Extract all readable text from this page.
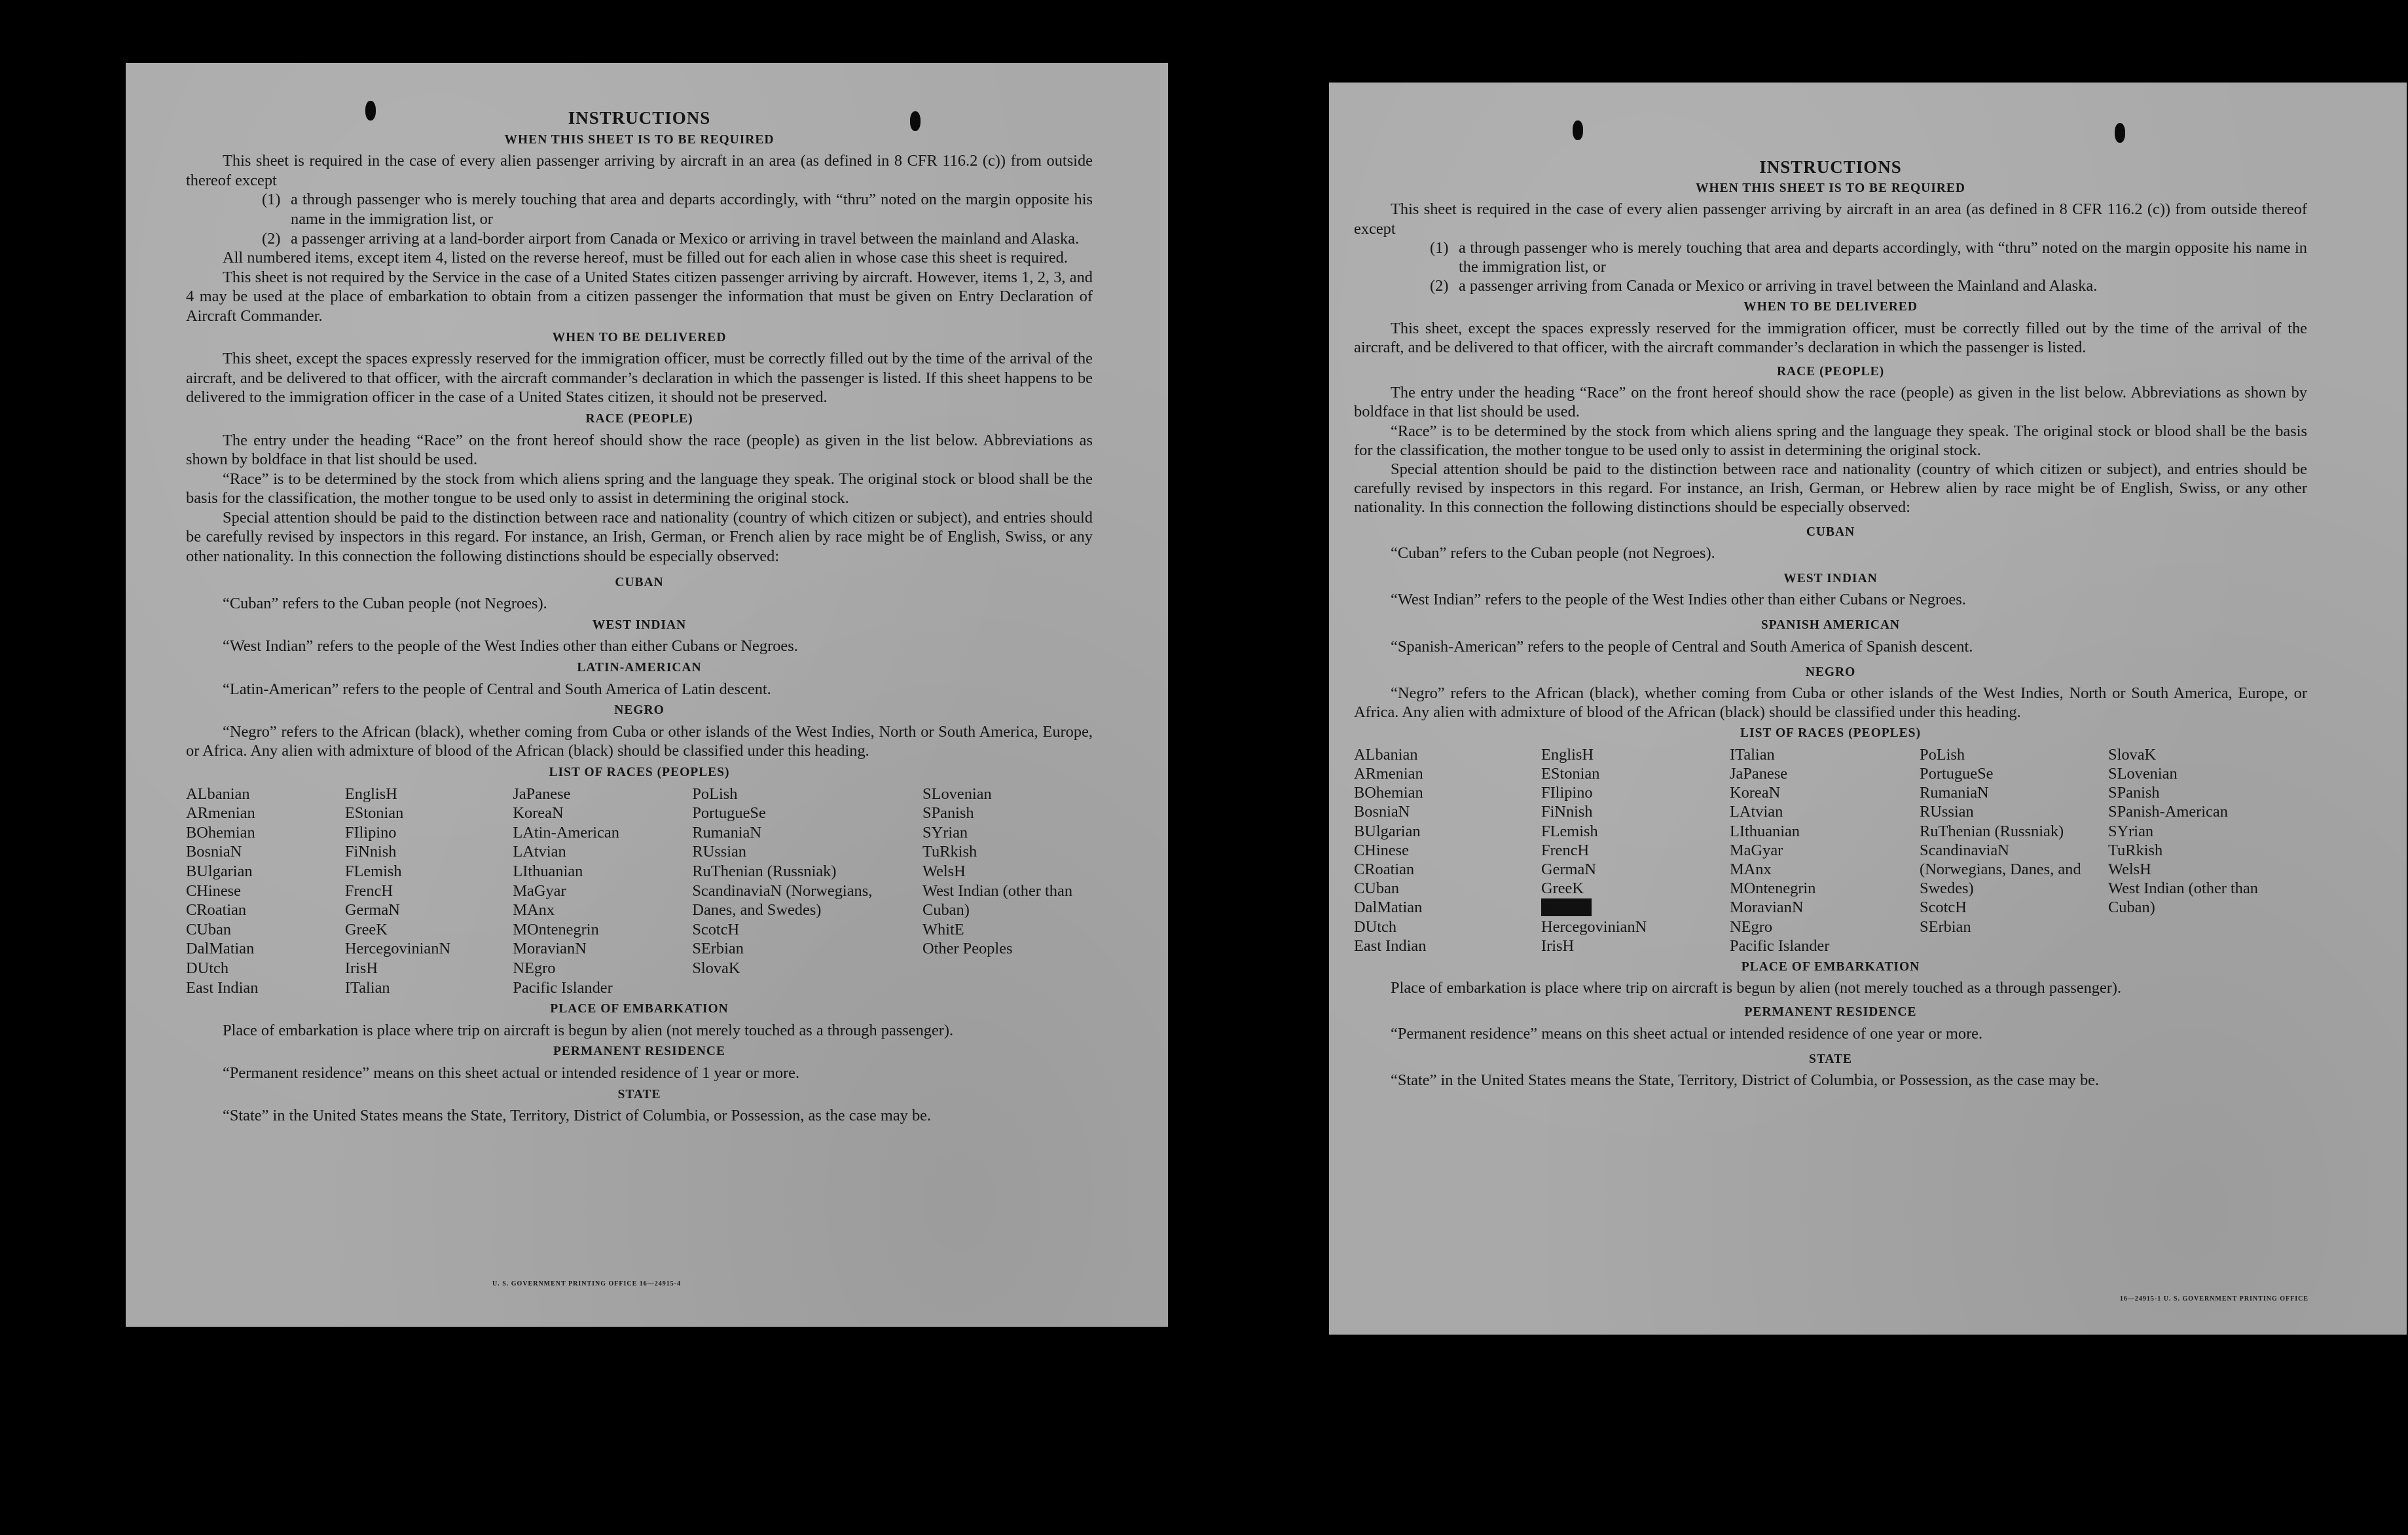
INSTRUCTIONS
WHEN THIS SHEET IS TO BE REQUIRED

This sheet is required in the case of every alien passenger arriving by aircraft in an area (as defined in 8 CFR 116.2 (c)) from outside thereof except

(1) a through passenger who is merely touching that area and departs accordingly, with “thru” noted on the margin opposite his name in the immigration list, or
(2) a passenger arriving at a land-border airport from Canada or Mexico or arriving in travel between the mainland and Alaska.

All numbered items, except item 4, listed on the reverse hereof, must be filled out for each alien in whose case this sheet is required.

This sheet is not required by the Service in the case of a United States citizen passenger arriving by aircraft. However, items 1, 2, 3, and 4 may be used at the place of embarkation to obtain from a citizen passenger the information that must be given on Entry Declaration of Aircraft Commander.

WHEN TO BE DELIVERED

This sheet, except the spaces expressly reserved for the immigration officer, must be correctly filled out by the time of the arrival of the aircraft, and be delivered to that officer, with the aircraft commander’s declaration in which the passenger is listed. If this sheet happens to be delivered to the immigration officer in the case of a United States citizen, it should not be preserved.

RACE (PEOPLE)

The entry under the heading “Race” on the front hereof should show the race (people) as given in the list below. Abbreviations as shown by boldface in that list should be used.

“Race” is to be determined by the stock from which aliens spring and the language they speak. The original stock or blood shall be the basis for the classification, the mother tongue to be used only to assist in determining the original stock.

Special attention should be paid to the distinction between race and nationality (country of which citizen or subject), and entries should be carefully revised by inspectors in this regard. For instance, an Irish, German, or French alien by race might be of English, Swiss, or any other nationality. In this connection the following distinctions should be especially observed:

CUBAN

“Cuban” refers to the Cuban people (not Negroes).

WEST INDIAN

“West Indian” refers to the people of the West Indies other than either Cubans or Negroes.

LATIN-AMERICAN

“Latin-American” refers to the people of Central and South America of Latin descent.

NEGRO

“Negro” refers to the African (black), whether coming from Cuba or other islands of the West Indies, North or South America, Europe, or Africa. Any alien with admixture of blood of the African (black) should be classified under this heading.

LIST OF RACES (PEOPLES)
ALbanian
ARmenian
BOhemian
BosniaN
BUlgarian
CHinese
CRoatian
CUban
DalMatian
DUtch
East Indian
EnglisH
EStonian
FIlipino
FiNnish
FLemish
FrencH
GermaN
GreeK
HercegovinianN
IrisH
ITalian
JaPanese
KoreaN
LAtin-American
LAtvian
LIthuanian
MaGyar
MAnx
MOntenegrin
MoravianN
NEgro
Pacific Islander
PoLish
PortugueSe
RumaniaN
RUssian
RuThenian (Russniak)
ScandinaviaN (Norwegians, Danes, and Swedes)
ScotcH
SErbian
SlovaK
SLovenian
SPanish
SYrian
TuRkish
WelsH
West Indian (other than Cuban)
WhitE
Other Peoples
PLACE OF EMBARKATION

Place of embarkation is place where trip on aircraft is begun by alien (not merely touched as a through passenger).

PERMANENT RESIDENCE

“Permanent residence” means on this sheet actual or intended residence of 1 year or more.

STATE

“State” in the United States means the State, Territory, District of Columbia, or Possession, as the case may be.

U. S. GOVERNMENT PRINTING OFFICE 16—24915-4
INSTRUCTIONS
WHEN THIS SHEET IS TO BE REQUIRED

This sheet is required in the case of every alien passenger arriving by aircraft in an area (as defined in 8 CFR 116.2 (c)) from outside thereof except

(1) a through passenger who is merely touching that area and departs accordingly, with “thru” noted on the margin opposite his name in the immigration list, or
(2) a passenger arriving from Canada or Mexico or arriving in travel between the Mainland and Alaska.
WHEN TO BE DELIVERED

This sheet, except the spaces expressly reserved for the immigration officer, must be correctly filled out by the time of the arrival of the aircraft, and be delivered to that officer, with the aircraft commander’s declaration in which the passenger is listed.

RACE (PEOPLE)

The entry under the heading “Race” on the front hereof should show the race (people) as given in the list below. Abbreviations as shown by boldface in that list should be used.

“Race” is to be determined by the stock from which aliens spring and the language they speak. The original stock or blood shall be the basis for the classification, the mother tongue to be used only to assist in determining the original stock.

Special attention should be paid to the distinction between race and nationality (country of which citizen or subject), and entries should be carefully revised by inspectors in this regard. For instance, an Irish, German, or Hebrew alien by race might be of English, Swiss, or any other nationality. In this connection the following distinctions should be especially observed:

CUBAN

“Cuban” refers to the Cuban people (not Negroes).

WEST INDIAN

“West Indian” refers to the people of the West Indies other than either Cubans or Negroes.

SPANISH AMERICAN

“Spanish-American” refers to the people of Central and South America of Spanish descent.

NEGRO

“Negro” refers to the African (black), whether coming from Cuba or other islands of the West Indies, North or South America, Europe, or Africa. Any alien with admixture of blood of the African (black) should be classified under this heading.

LIST OF RACES (PEOPLES)
ALbanian
ARmenian
BOhemian
BosniaN
BUlgarian
CHinese
CRoatian
CUban
DalMatian
DUtch
East Indian
EnglisH
EStonian
FIlipino
FiNnish
FLemish
FrencH
GermaN
GreeK
Hebrew
HercegovinianN
IrisH
ITalian
JaPanese
KoreaN
LAtvian
LIthuanian
MaGyar
MAnx
MOntenegrin
MoravianN
NEgro
Pacific Islander
PoLish
PortugueSe
RumaniaN
RUssian
RuThenian (Russniak)
ScandinaviaN (Norwegians, Danes, and Swedes)
ScotcH
SErbian
SlovaK
SLovenian
SPanish
SPanish-American
SYrian
TuRkish
WelsH
West Indian (other than Cuban)
PLACE OF EMBARKATION

Place of embarkation is place where trip on aircraft is begun by alien (not merely touched as a through passenger).

PERMANENT RESIDENCE

“Permanent residence” means on this sheet actual or intended residence of one year or more.

STATE

“State” in the United States means the State, Territory, District of Columbia, or Possession, as the case may be.

16—24915-1 U. S. GOVERNMENT PRINTING OFFICE
